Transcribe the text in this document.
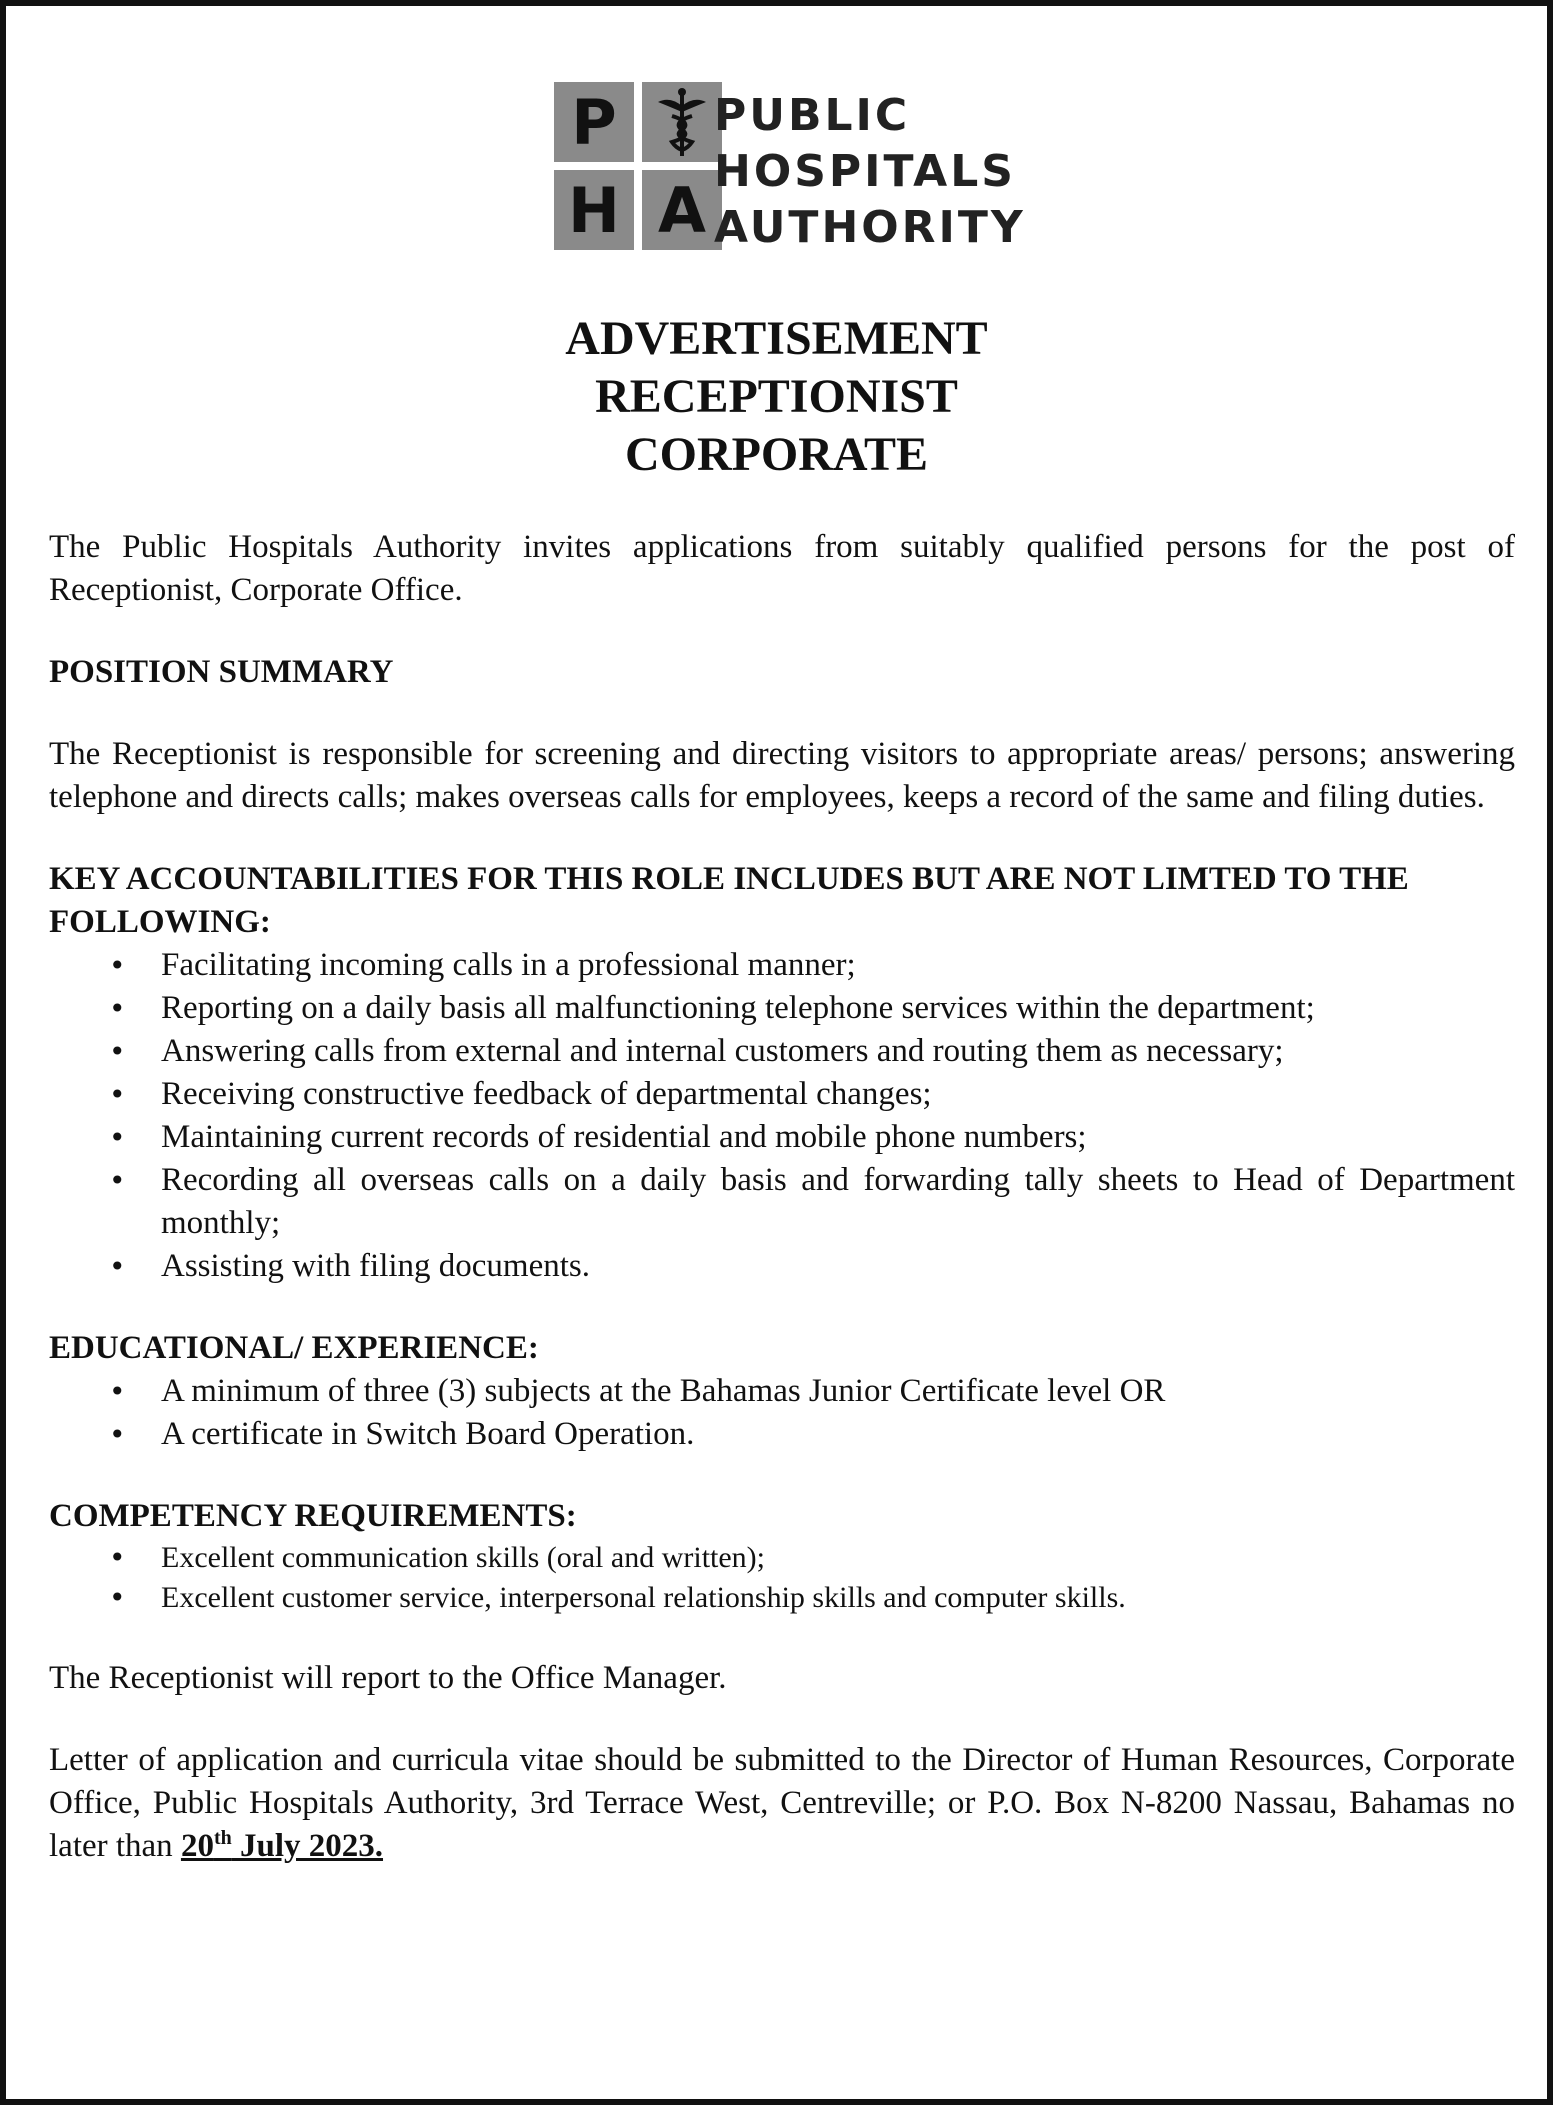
P
H A
PUBLIC
HOSPITALS
AUTHORITY
ADVERTISEMENT
RECEPTIONIST
CORPORATE

The Public Hospitals Authority invites applications from suitably qualified persons for the post of Receptionist, Corporate Office.

POSITION SUMMARY

The Receptionist is responsible for screening and directing visitors to appropriate areas/ persons; answering telephone and directs calls; makes overseas calls for employees, keeps a record of the same and filing duties.

KEY ACCOUNTABILITIES FOR THIS ROLE INCLUDES BUT ARE NOT LIMTED TO THE FOLLOWING:

• Facilitating incoming calls in a professional manner;
• Reporting on a daily basis all malfunctioning telephone services within the department;
• Answering calls from external and internal customers and routing them as necessary;
• Receiving constructive feedback of departmental changes;
• Maintaining current records of residential and mobile phone numbers;
• Recording all overseas calls on a daily basis and forwarding tally sheets to Head of Department monthly;
• Assisting with filing documents.

EDUCATIONAL/ EXPERIENCE:

• A minimum of three (3) subjects at the Bahamas Junior Certificate level OR
• A certificate in Switch Board Operation.

COMPETENCY REQUIREMENTS:

• Excellent communication skills (oral and written);
• Excellent customer service, interpersonal relationship skills and computer skills.

The Receptionist will report to the Office Manager.

Letter of application and curricula vitae should be submitted to the Director of Human Resources, Corporate Office, Public Hospitals Authority, 3rd Terrace West, Centreville; or P.O. Box N-8200 Nassau, Bahamas no later than 20th July 2023.
